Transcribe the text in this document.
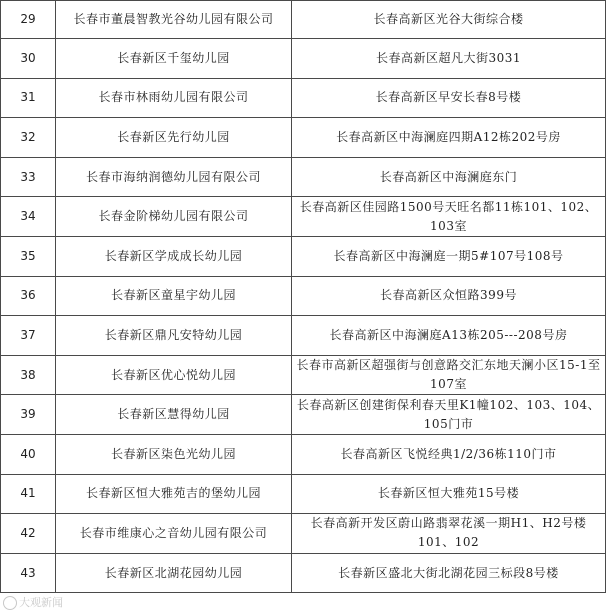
29	长春市董晨智教光谷幼儿园有限公司	长春高新区光谷大街综合楼
30	长春新区千玺幼儿园	长春高新区超凡大街3031
31	长春市林雨幼儿园有限公司	长春高新区早安长春8号楼
32	长春新区先行幼儿园	长春高新区中海澜庭四期A12栋202号房
33	长春市海纳润德幼儿园有限公司	长春高新区中海澜庭东门
34	长春金阶梯幼儿园有限公司	长春高新区佳园路1500号天旺名都11栋101、102、103室
35	长春新区学成成长幼儿园	长春高新区中海澜庭一期5#107号108号
36	长春新区童星宇幼儿园	长春高新区众恒路399号
37	长春新区鼎凡安特幼儿园	长春高新区中海澜庭A13栋205---208号房
38	长春新区优心悦幼儿园	长春市高新区超强街与创意路交汇东地天澜小区15-1至107室
39	长春新区慧得幼儿园	长春高新区创建街保利春天里K1幢102、103、104、105门市
40	长春新区柒色光幼儿园	长春高新区飞悦经典1/2/36栋110门市
41	长春新区恒大雅苑吉的堡幼儿园	长春新区恒大雅苑15号楼
42	长春市维康心之音幼儿园有限公司	长春高新开发区蔚山路翡翠花溪一期H1、H2号楼101、102
43	长春新区北湖花园幼儿园	长春新区盛北大街北湖花园三标段8号楼
大观新闻
